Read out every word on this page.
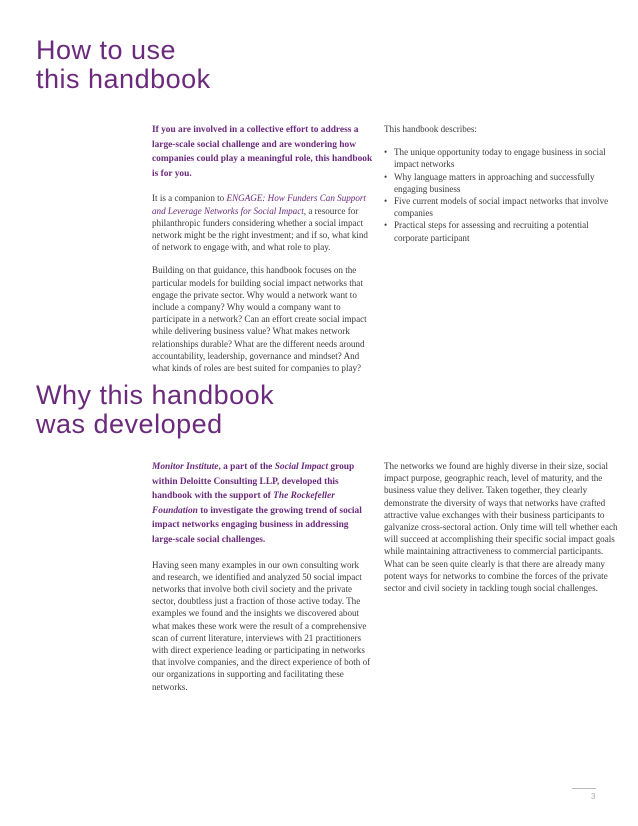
How to use
this handbook

If you are involved in a collective effort to address a large-scale social challenge and are wondering how companies could play a meaningful role, this handbook is for you.

It is a companion to ENGAGE: How Funders Can Support and Leverage Networks for Social Impact, a resource for philanthropic funders considering whether a social impact network might be the right investment; and if so, what kind of network to engage with, and what role to play.

Building on that guidance, this handbook focuses on the particular models for building social impact networks that engage the private sector. Why would a network want to include a company? Why would a company want to participate in a network? Can an effort create social impact while delivering business value? What makes network relationships durable? What are the different needs around accountability, leadership, governance and mindset? And what kinds of roles are best suited for companies to play?

This handbook describes:

• The unique opportunity today to engage business in social impact networks
• Why language matters in approaching and successfully engaging business
• Five current models of social impact networks that involve companies
• Practical steps for assessing and recruiting a potential corporate participant
Why this handbook
was developed

Monitor Institute, a part of the Social Impact group within Deloitte Consulting LLP, developed this handbook with the support of The Rockefeller Foundation to investigate the growing trend of social impact networks engaging business in addressing large-scale social challenges.

Having seen many examples in our own consulting work and research, we identified and analyzed 50 social impact networks that involve both civil society and the private sector, doubtless just a fraction of those active today. The examples we found and the insights we discovered about what makes these work were the result of a comprehensive scan of current literature, interviews with 21 practitioners with direct experience leading or participating in networks that involve companies, and the direct experience of both of our organizations in supporting and facilitating these networks.

The networks we found are highly diverse in their size, social impact purpose, geographic reach, level of maturity, and the business value they deliver. Taken together, they clearly demonstrate the diversity of ways that networks have crafted attractive value exchanges with their business participants to galvanize cross-sectoral action. Only time will tell whether each will succeed at accomplishing their specific social impact goals while maintaining attractiveness to commercial participants. What can be seen quite clearly is that there are already many potent ways for networks to combine the forces of the private sector and civil society in tackling tough social challenges.

3
